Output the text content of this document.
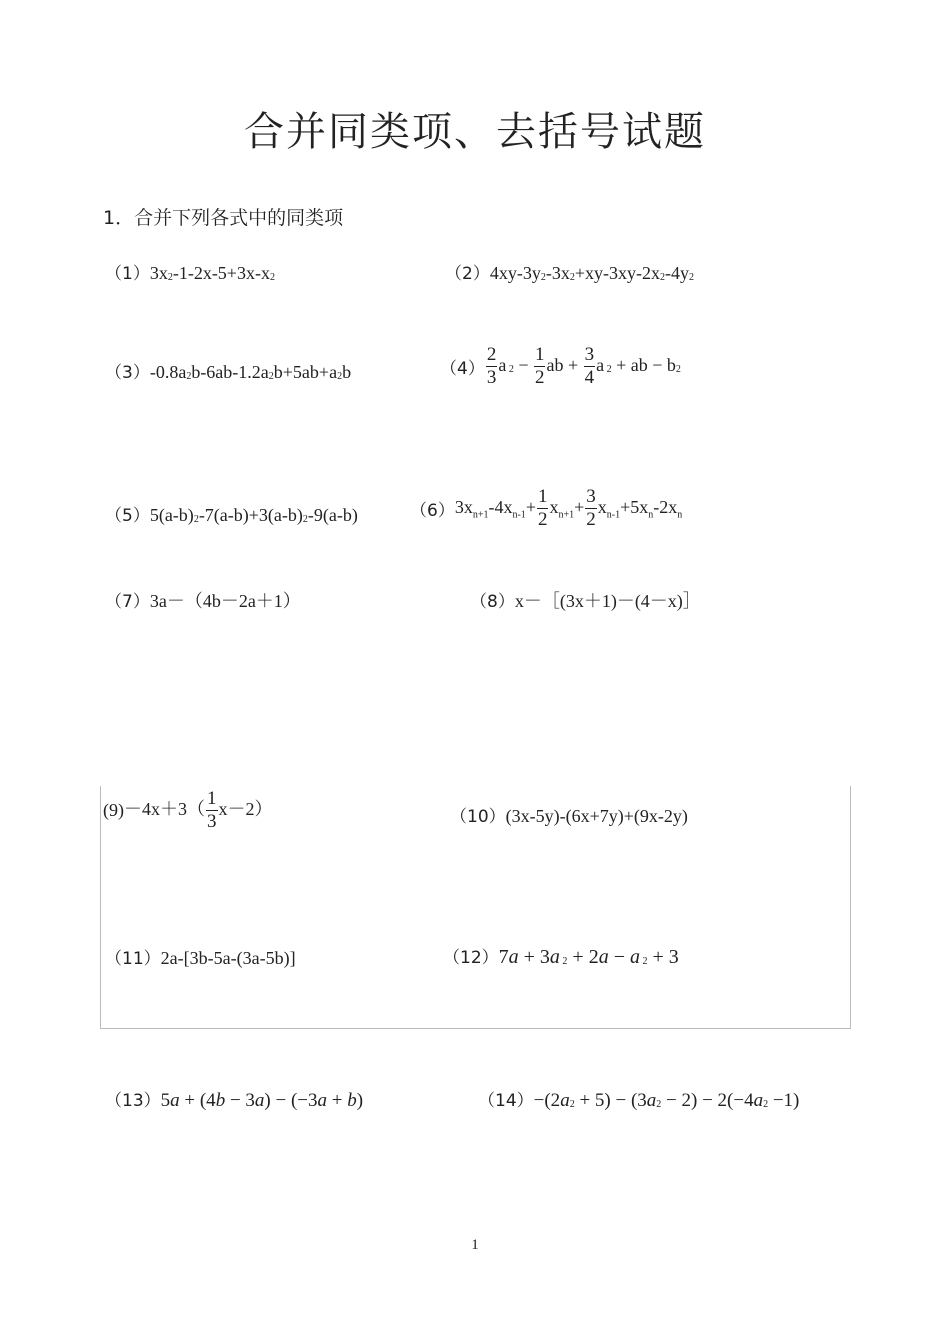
合并同类项、去括号试题
1．合并下列各式中的同类项
$(1)3x^2-1-2x-5+3x-x^2$	$(2)4xy-3y^2-3x^2+xy-3xy-2x^2-4y^2$
$(3)-0.8a^2b-6ab-1.2a^2b+5ab+a^2b$	$(4) \frac{2}{3}$ a $^2 - \frac{1}{2}$ ab + $\frac{3}{4}$ a $^2$ + ab − $b^2$
$(5)5(a-b)^2-7(a-b)+3(a-b)^2-9(a-b)$	$(6)3x_{n+1}-4x_{n-1}+ \frac{1}{2} x_{n+1}+ \frac{3}{2} x_{n-1}+5x_n-2x_n$
（7）3a－（4b－2a＋1）	（8）x－［(3x＋1)－(4－x)］
$(9)-4x+3( \frac{1}{3} x-2)$	（10）(3x-5y)-(6x+7y)+(9x-2y)
（11）2a-[3b-5a-(3a-5b)]	（12）7a + 3a $^2$ + 2a − a $^2$ + 3
（13）5a + (4b − 3a) − (−3a + b)	$(14)-(2a^2 + 5) - (3a^2 - 2) - 2(-4a^2 -1)$
1
